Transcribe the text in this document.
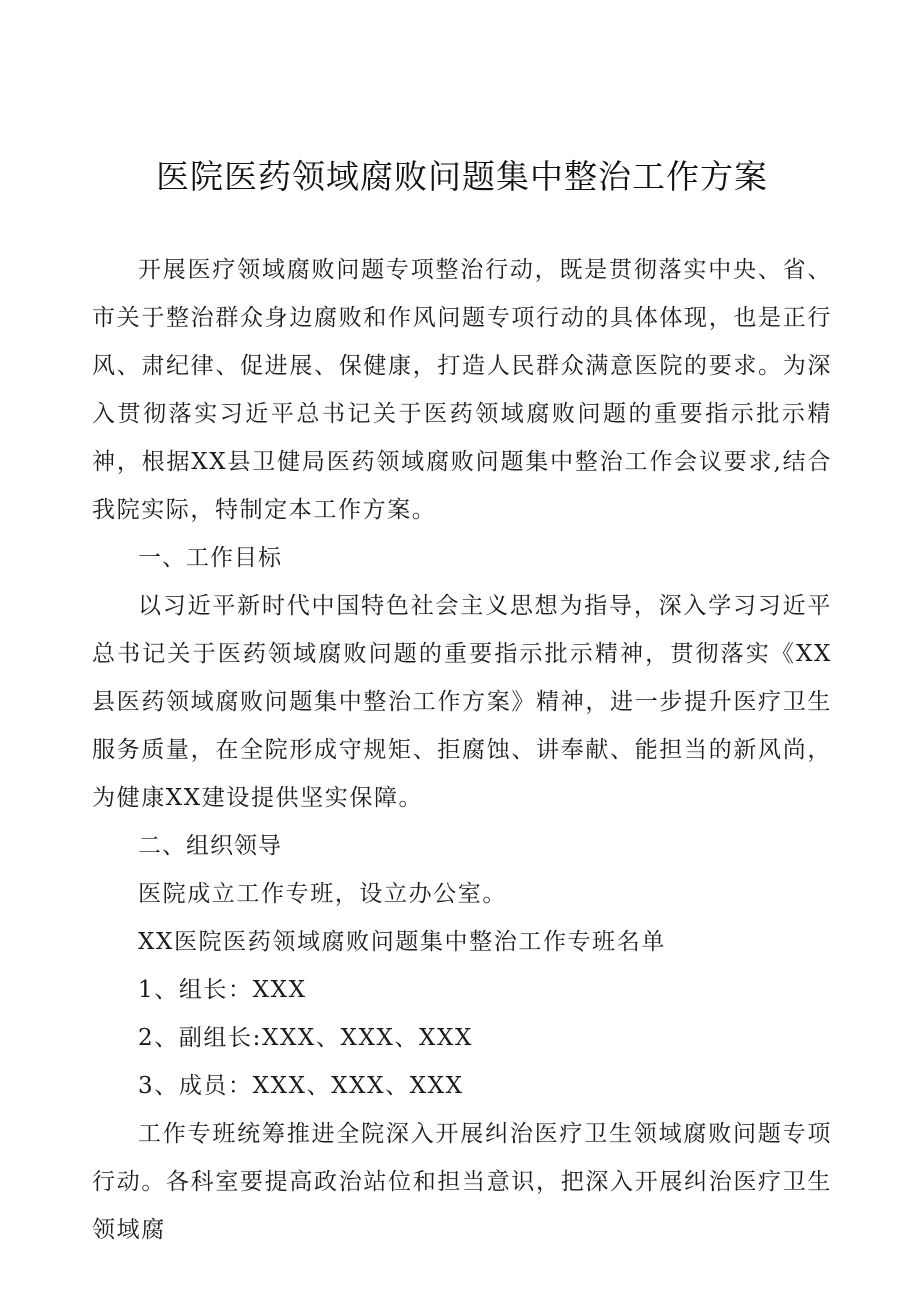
医院医药领域腐败问题集中整治工作方案

开展医疗领域腐败问题专项整治行动，既是贯彻落实中央、省、市关于整治群众身边腐败和作风问题专项行动的具体体现，也是正行风、肃纪律、促进展、保健康，打造人民群众满意医院的要求。为深入贯彻落实习近平总书记关于医药领域腐败问题的重要指示批示精神，根据XX县卫健局医药领域腐败问题集中整治工作会议要求,结合我院实际，特制定本工作方案。

一、工作目标

以习近平新时代中国特色社会主义思想为指导，深入学习习近平总书记关于医药领域腐败问题的重要指示批示精神，贯彻落实《XX县医药领域腐败问题集中整治工作方案》精神，进一步提升医疗卫生服务质量，在全院形成守规矩、拒腐蚀、讲奉献、能担当的新风尚，为健康XX建设提供坚实保障。

二、组织领导

医院成立工作专班，设立办公室。

XX医院医药领域腐败问题集中整治工作专班名单

1、组长：XXX

2、副组长:XXX、XXX、XXX

3、成员：XXX、XXX、XXX

工作专班统筹推进全院深入开展纠治医疗卫生领域腐败问题专项行动。各科室要提高政治站位和担当意识，把深入开展纠治医疗卫生领域腐
